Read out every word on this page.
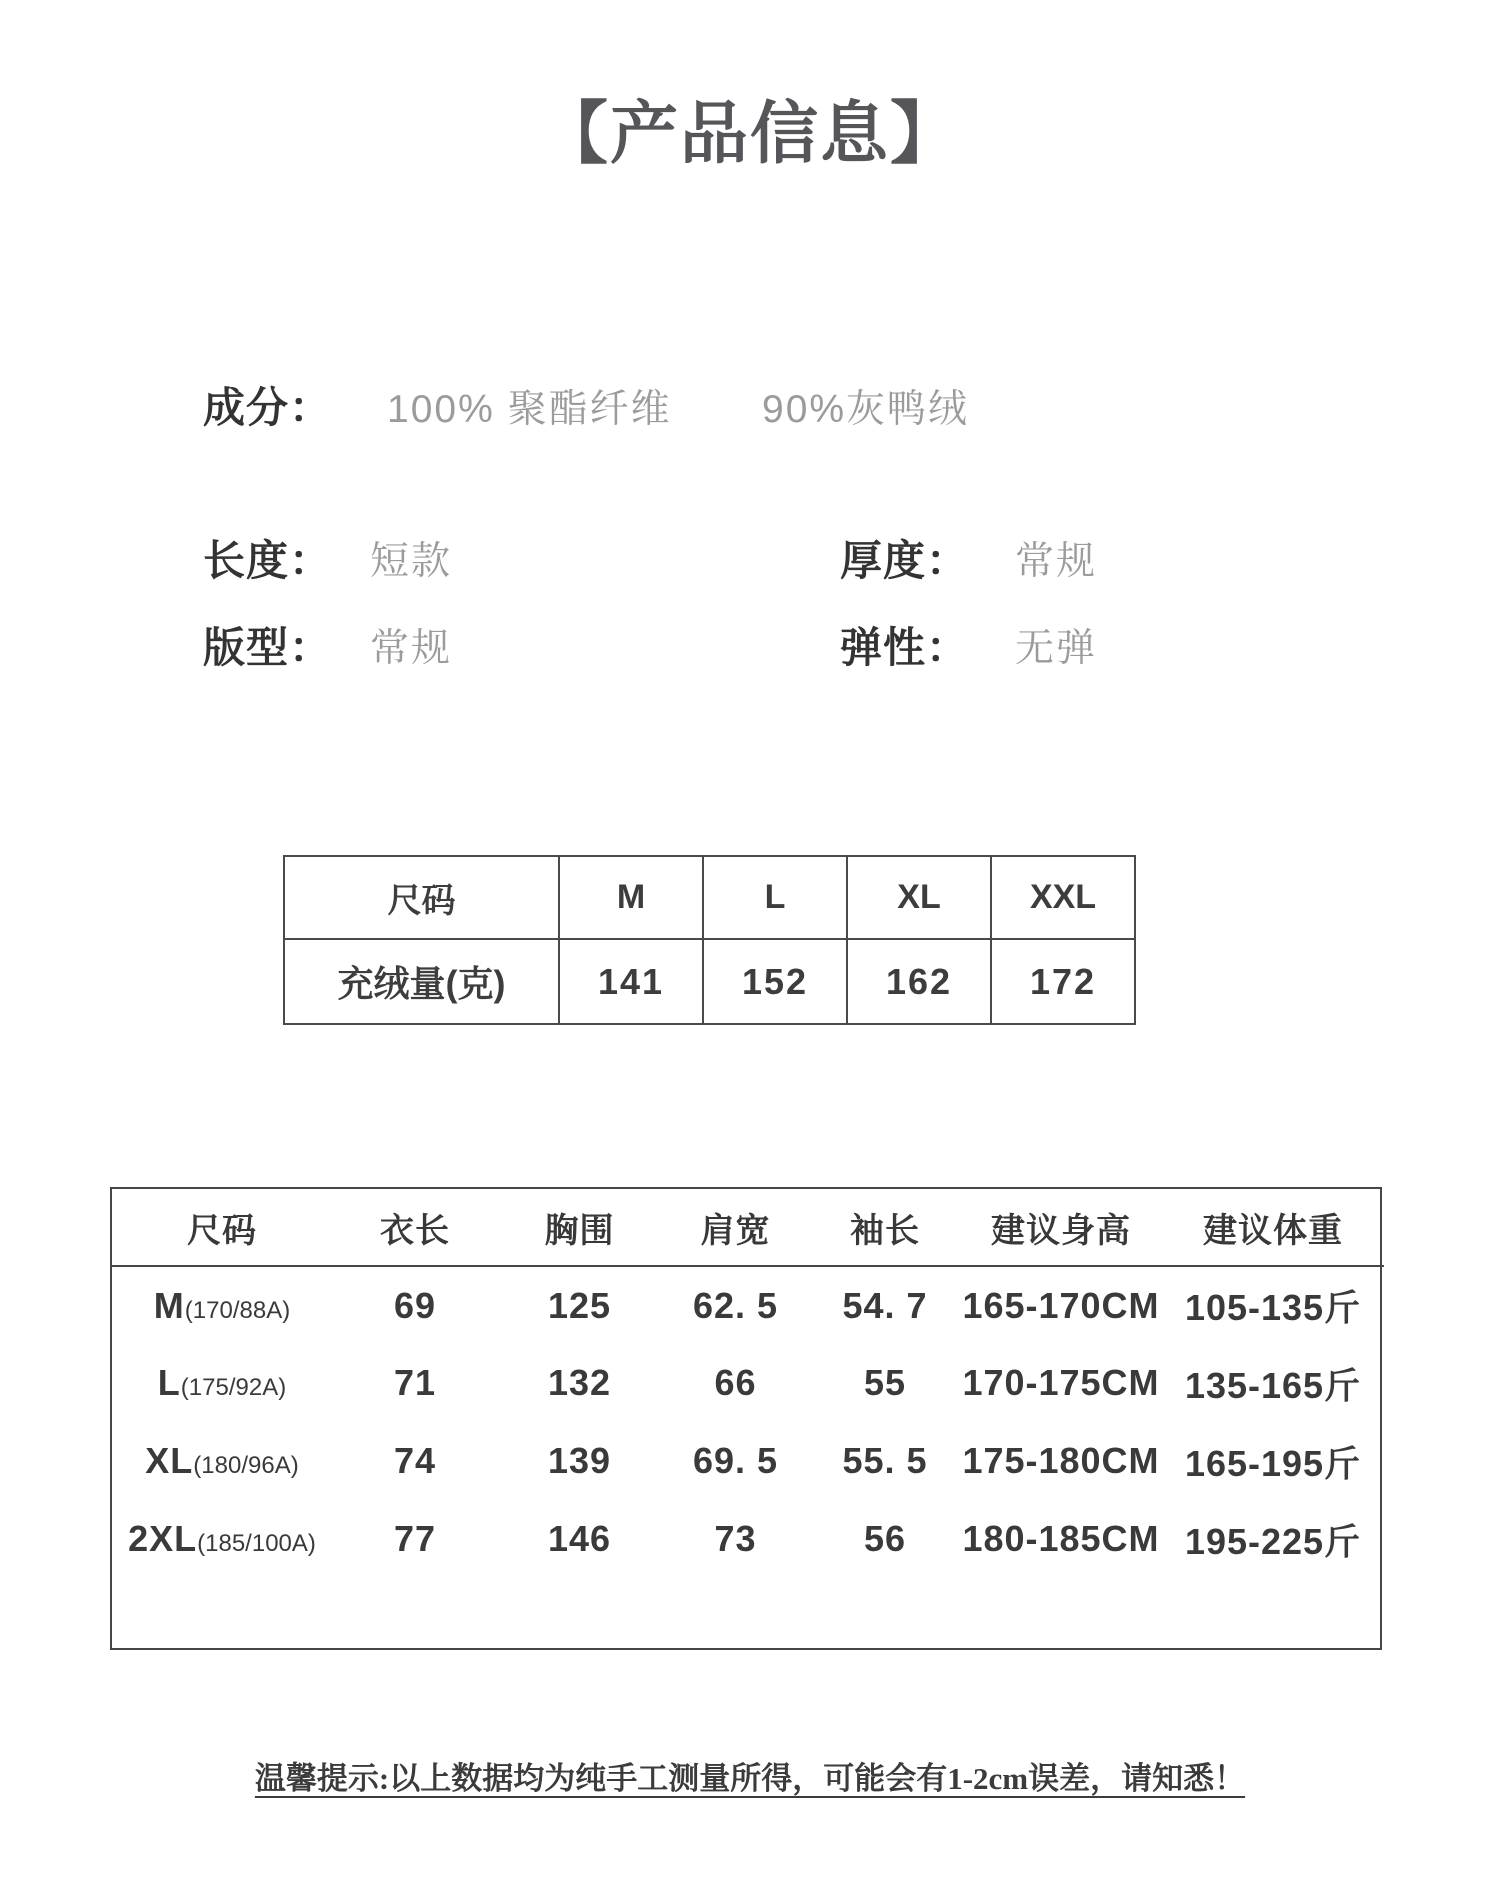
【产品信息】
成分： 100% 聚酯纤维 90%灰鸭绒
长度： 短款	厚度： 常规
版型： 常规	弹性： 无弹
尺码	M	L	XL	XXL
充绒量(克)	141	152	162	172
尺码	衣长	胸围	肩宽	袖长	建议身高	建议体重
M(170/88A)	69	125	62. 5	54. 7	165-170CM	105-135斤
L(175/92A)	71	132	66	55	170-175CM	135-165斤
XL(180/96A)	74	139	69. 5	55. 5	175-180CM	165-195斤
2XL(185/100A)	77	146	73	56	180-185CM	195-225斤
温馨提示:以上数据均为纯手工测量所得，可能会有1-2cm误差，请知悉！
